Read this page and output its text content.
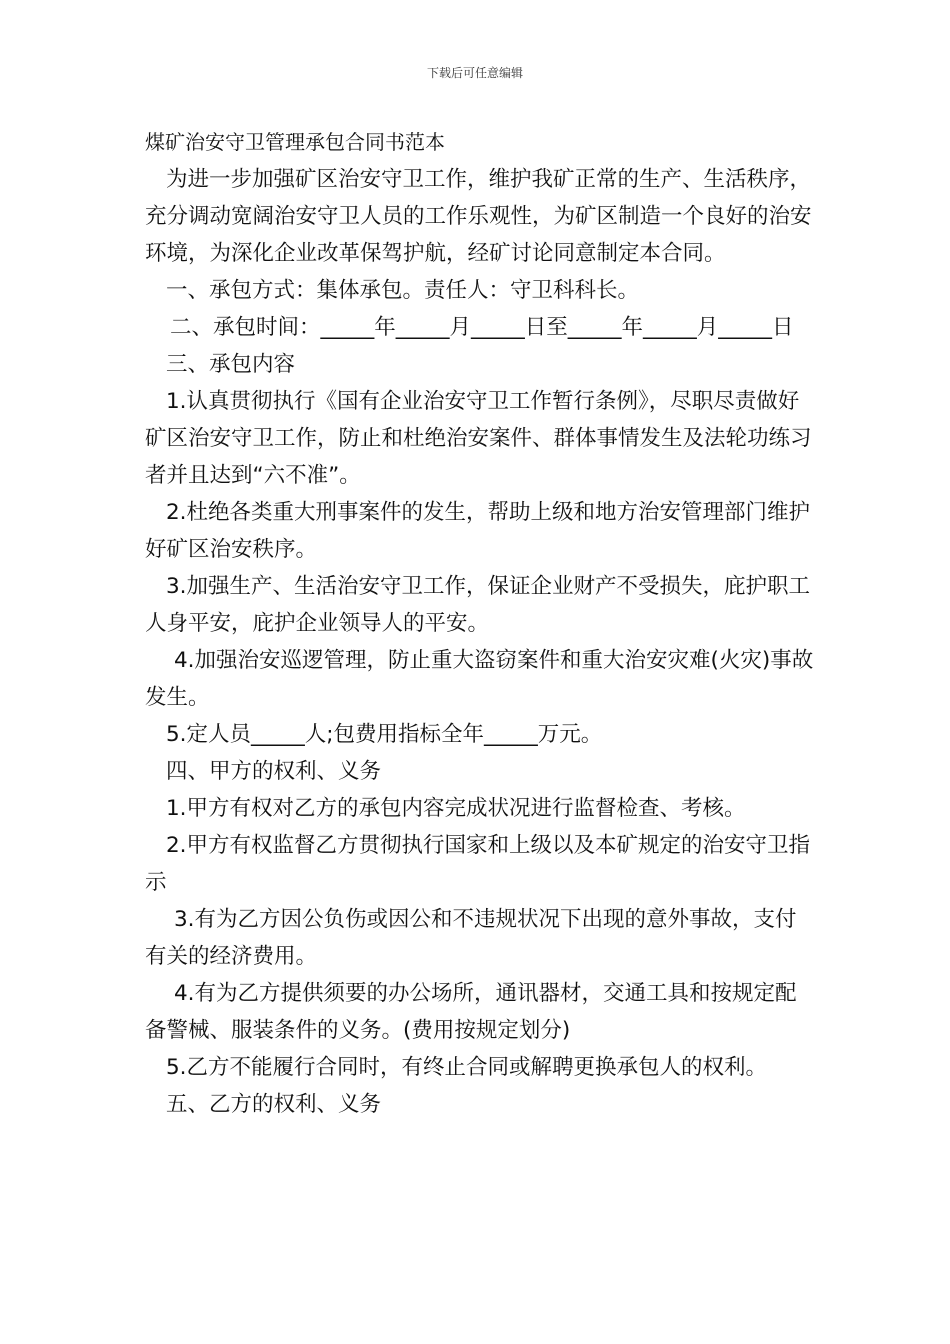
下载后可任意编辑

煤矿治安守卫管理承包合同书范本

为进一步加强矿区治安守卫工作，维护我矿正常的生产、生活秩序，充分调动宽阔治安守卫人员的工作乐观性，为矿区制造一个良好的治安环境，为深化企业改革保驾护航，经矿讨论同意制定本合同。

一、承包方式：集体承包。责任人：守卫科科长。

二、承包时间：_____年_____月_____日至_____年_____月_____日

三、承包内容

1.认真贯彻执行《国有企业治安守卫工作暂行条例》，尽职尽责做好矿区治安守卫工作，防止和杜绝治安案件、群体事情发生及法轮功练习者并且达到“六不准”。

2.杜绝各类重大刑事案件的发生，帮助上级和地方治安管理部门维护好矿区治安秩序。

3.加强生产、生活治安守卫工作，保证企业财产不受损失，庇护职工人身平安，庇护企业领导人的平安。

4.加强治安巡逻管理，防止重大盗窃案件和重大治安灾难(火灾)事故发生。

5.定人员_____人;包费用指标全年_____万元。

四、甲方的权利、义务

1.甲方有权对乙方的承包内容完成状况进行监督检查、考核。

2.甲方有权监督乙方贯彻执行国家和上级以及本矿规定的治安守卫指示

3.有为乙方因公负伤或因公和不违规状况下出现的意外事故，支付有关的经济费用。

4.有为乙方提供须要的办公场所，通讯器材，交通工具和按规定配备警械、服装条件的义务。(费用按规定划分)

5.乙方不能履行合同时，有终止合同或解聘更换承包人的权利。

五、乙方的权利、义务
